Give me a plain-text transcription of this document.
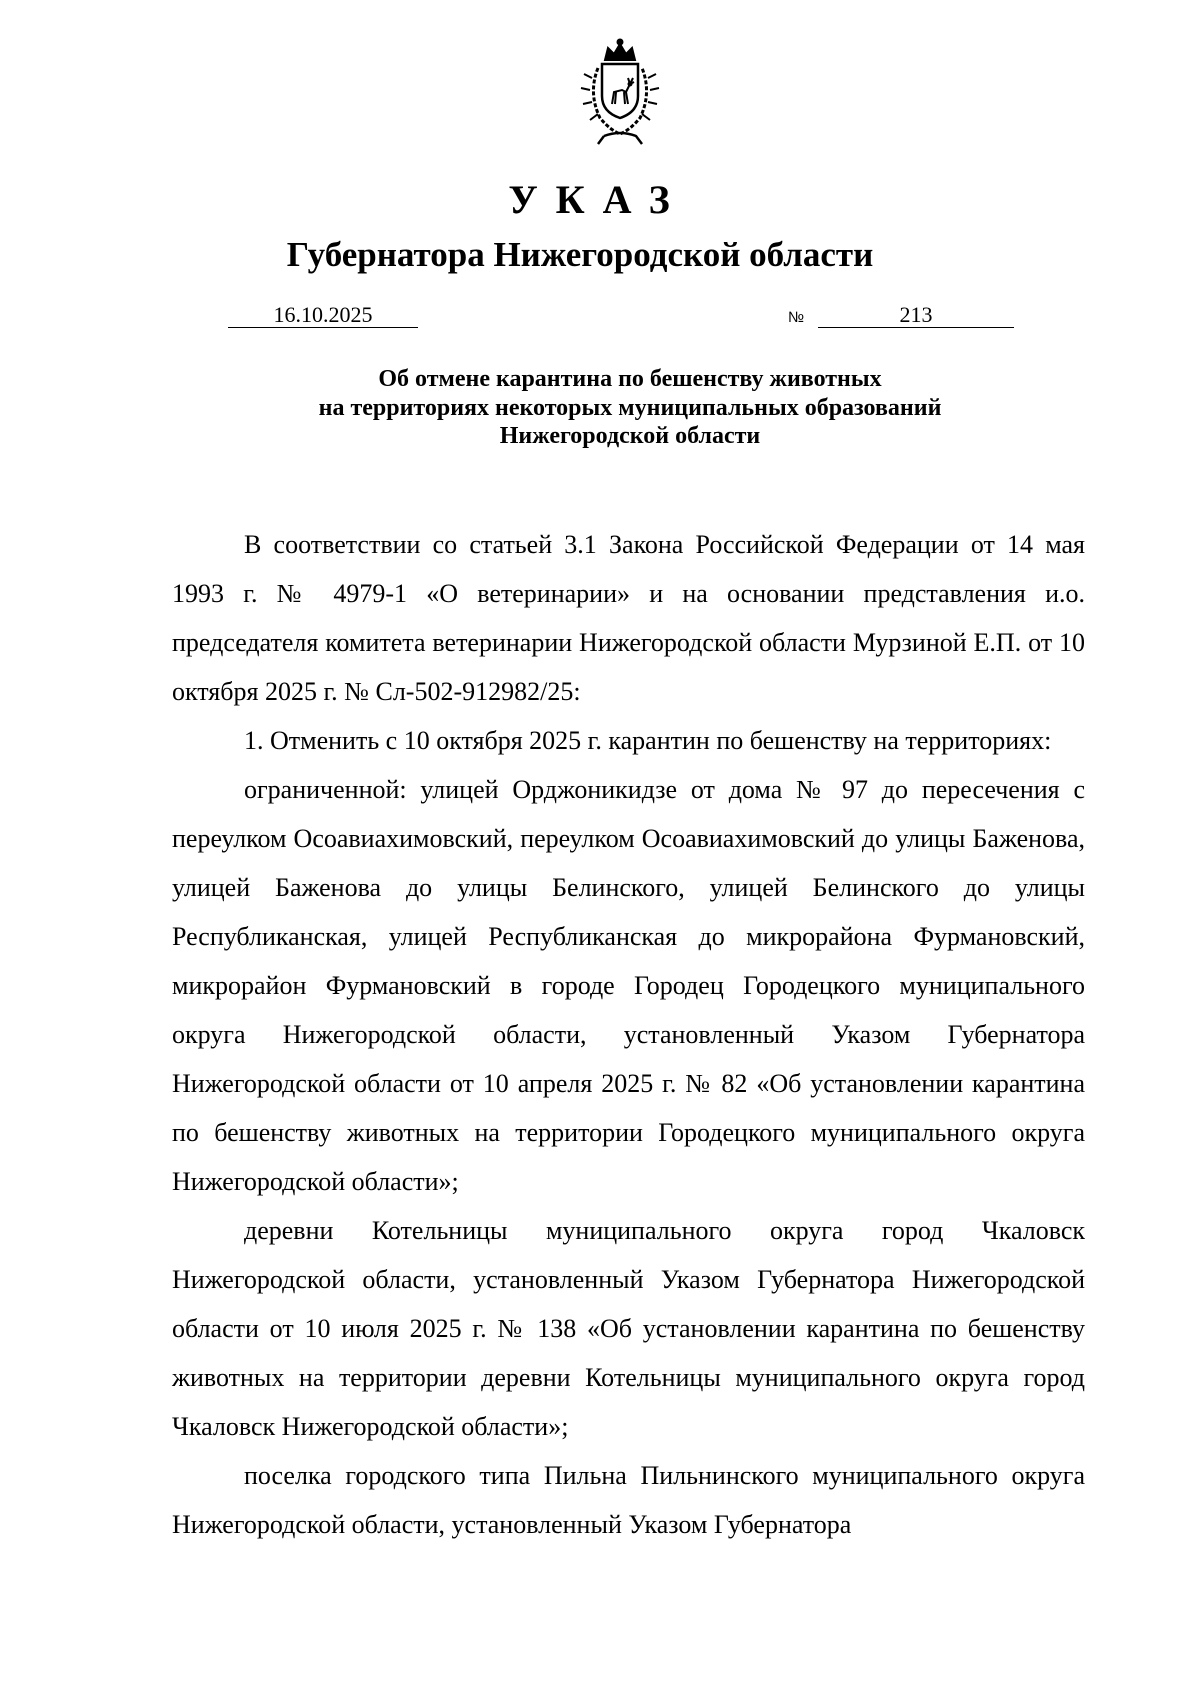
УКАЗ
Губернатора Нижегородской области
16.10.2025	№	213
Об отмене карантина по бешенству животных
на территориях некоторых муниципальных образований
Нижегородской области

В соответствии со статьей 3.1 Закона Российской Федерации от 14 мая 1993 г. № 4979-1 «О ветеринарии» и на основании представления и.о. председателя комитета ветеринарии Нижегородской области Мурзиной Е.П. от 10 октября 2025 г. № Сл-502-912982/25:

1. Отменить с 10 октября 2025 г. карантин по бешенству на территориях:

ограниченной: улицей Орджоникидзе от дома № 97 до пересечения с переулком Осоавиахимовский, переулком Осоавиахимовский до улицы Баженова, улицей Баженова до улицы Белинского, улицей Белинского до улицы Республиканская, улицей Республиканская до микрорайона Фурмановский, микрорайон Фурмановский в городе Городец Городецкого муниципального округа Нижегородской области, установленный Указом Губернатора Нижегородской области от 10 апреля 2025 г. № 82 «Об установлении карантина по бешенству животных на территории Городецкого муниципального округа Нижегородской области»;

деревни Котельницы муниципального округа город Чкаловск Нижегородской области, установленный Указом Губернатора Нижегородской области от 10 июля 2025 г. № 138 «Об установлении карантина по бешенству животных на территории деревни Котельницы муниципального округа город Чкаловск Нижегородской области»;

поселка городского типа Пильна Пильнинского муниципального округа Нижегородской области, установленный Указом Губернатора
